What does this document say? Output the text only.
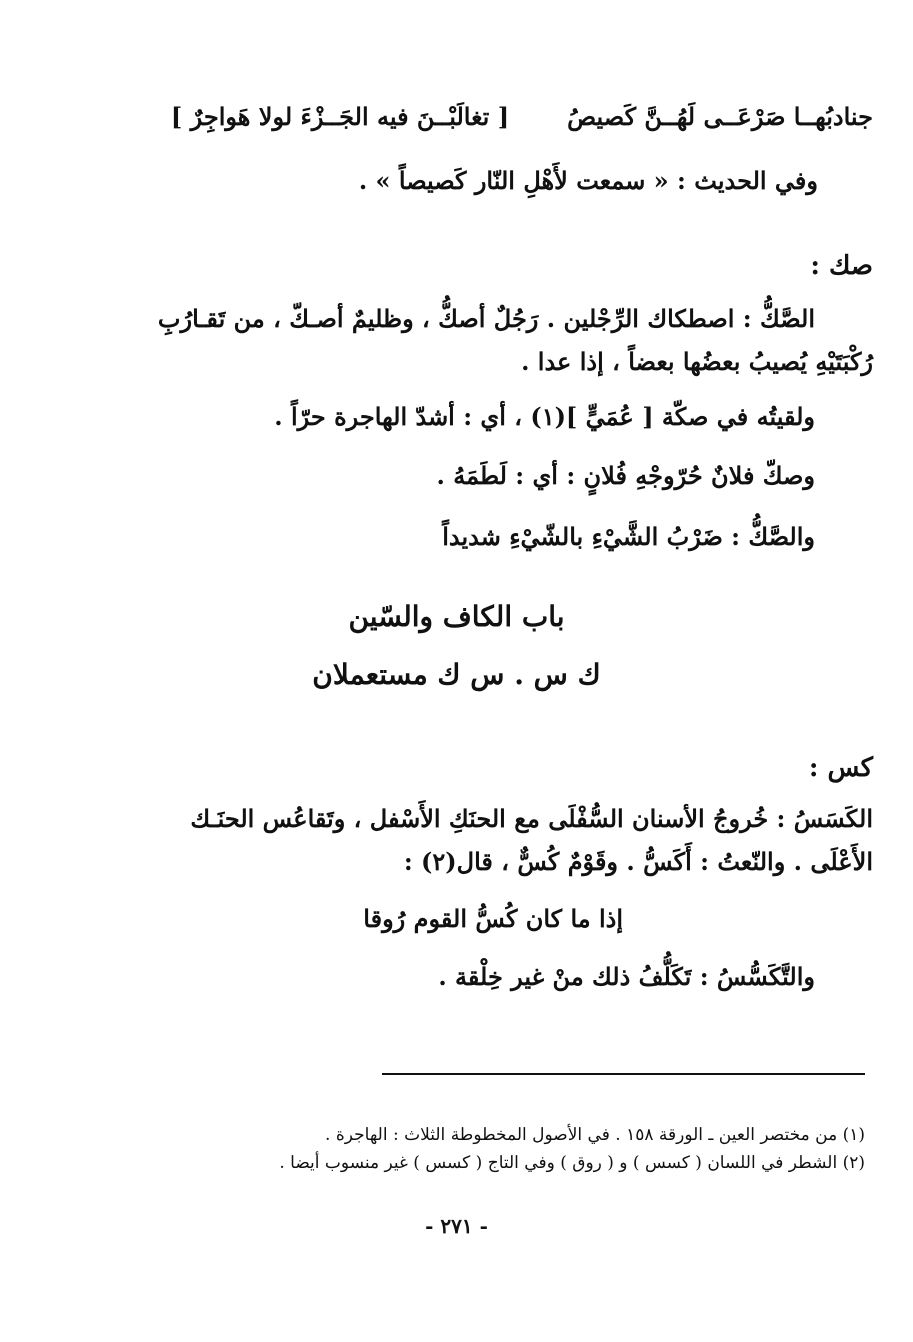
جنادبُهــا صَرْعَــى لَهُــنَّ كَصيصُ
[ تغالَبْــنَ فيه الجَــزْءَ لولا هَواجِرٌ ]
وفي الحديث : « سمعت لأَهْلِ النّار كَصيصاً » .
صك :
الصَّكُّ : اصطكاك الرِّجْلين . رَجُلٌ أصكُّ ، وظليمٌ أصـكّ ، من تَقـارُبِ
رُكْبَتَيْهِ يُصيبُ بعضُها بعضاً ، إذا عدا .
ولقيتُه في صكّة [ عُمَيٍّ ](١) ، أي : أشدّ الهاجرة حرّاً .
وصكّ فلانٌ حُرّوجْهِ فُلانٍ : أي : لَطَمَهُ .
والصَّكُّ : ضَرْبُ الشَّيْءِ بالشّيْءِ شديداً
باب الكاف والسّين
ك س . س ك مستعملان
كس :
الكَسَسُ : خُروجُ الأسنان السُّفْلَى مع الحنَكِ الأَسْفل ، وتَقاعُس الحنَـك
الأَعْلَى . والنّعتُ : أَكَسُّ . وقَوْمٌ كُسٌّ ، قال(٢) :
إذا ما كان كُسُّ القوم رُوقا
والتَّكَسُّسُ : تَكَلُّفُ ذلك منْ غير خِلْقة .
(١) من مختصر العين ـ الورقة ١٥٨ . في الأصول المخطوطة الثلاث : الهاجرة .
(٢) الشطر في اللسان ( كسس ) و ( روق ) وفي التاج ( كسس ) غير منسوب أيضا .
- ٢٧١ -
